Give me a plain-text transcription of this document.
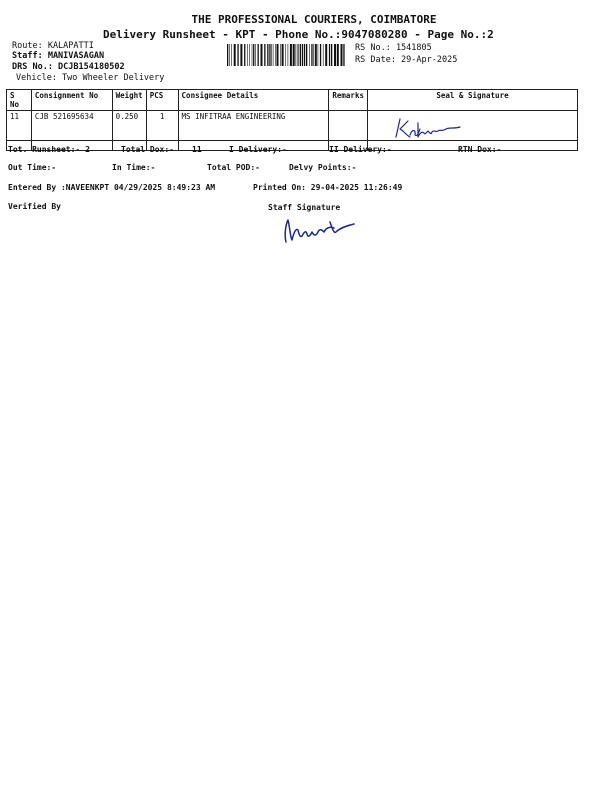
THE PROFESSIONAL COURIERS, COIMBATORE
Delivery Runsheet - KPT - Phone No.:9047080280 - Page No.:2
Route: KALAPATTI
Staff: MANIVASAGAN
DRS No.: DCJB154180502
Vehicle: Two Wheeler Delivery
RS No.: 1541805
RS Date: 29-Apr-2025
S No	Consignment No	Weight	PCS	Consignee Details	Remarks	Seal & Signature
11	CJB 521695634	0.250	1	MS INFITRAA ENGINEERING		
Tot. Runsheet:- 2	Total Dox:- 11	I Delivery:-	II Delivery:-	RTN Dox:-
Out Time:-	In Time:-	Total POD:-	Delvy Points:-
Entered By :NAVEENKPT 04/29/2025 8:49:23 AM	Printed On: 29-04-2025 11:26:49
Verified By	Staff Signature
